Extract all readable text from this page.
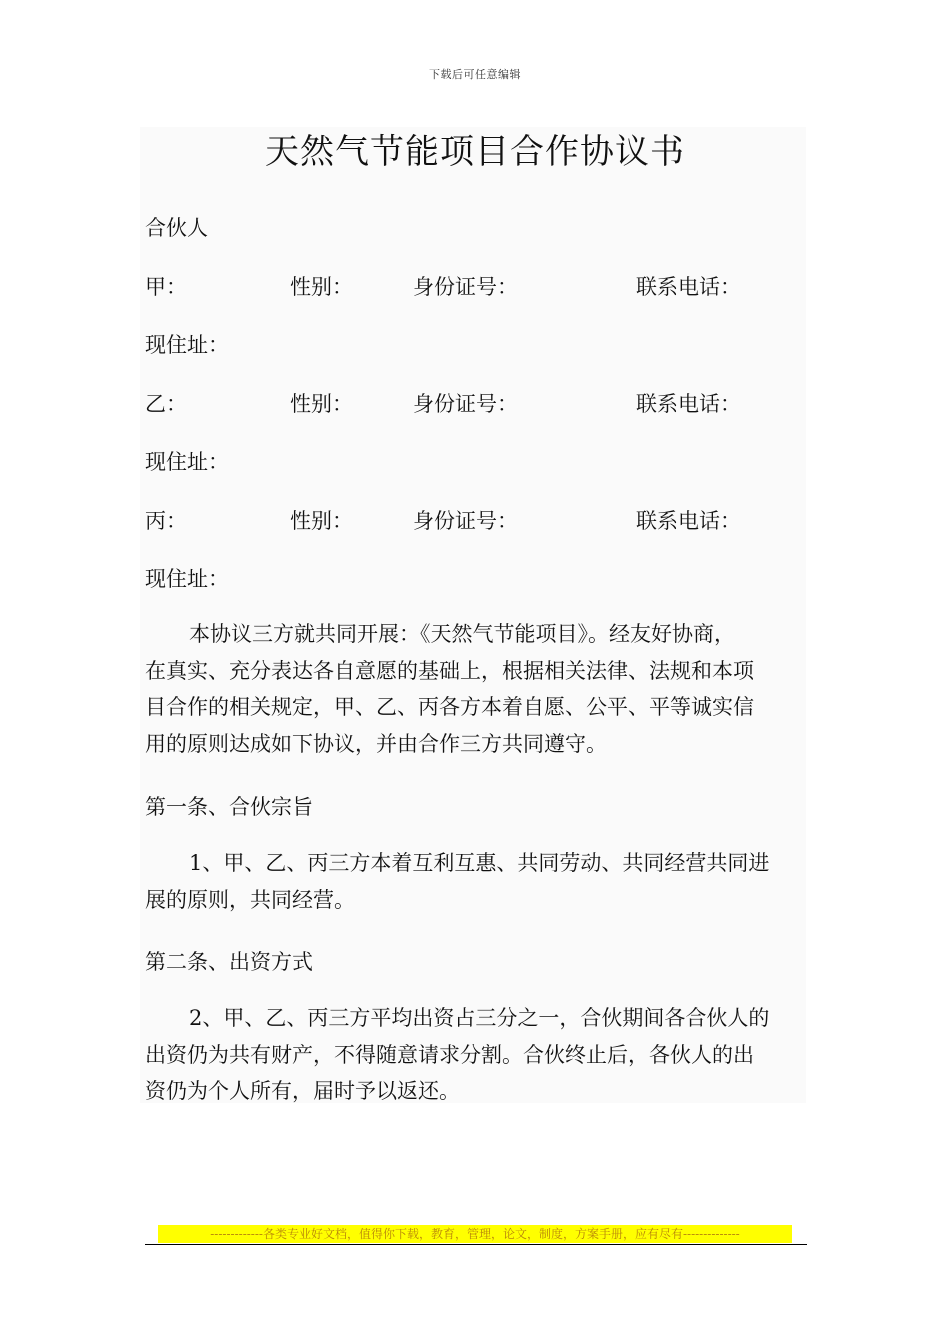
下载后可任意编辑
天然气节能项目合作协议书
合伙人
甲：	性别：	身份证号：	联系电话：
现住址：
乙：	性别：	身份证号：	联系电话：
现住址：
丙：	性别：	身份证号：	联系电话：
现住址：
本协议三方就共同开展：《天然气节能项目》。经友好协商，
在真实、充分表达各自意愿的基础上，根据相关法律、法规和本项
目合作的相关规定，甲、乙、丙各方本着自愿、公平、平等诚实信
用的原则达成如下协议，并由合作三方共同遵守。
第一条、合伙宗旨
1、甲、乙、丙三方本着互利互惠、共同劳动、共同经营共同进
展的原则，共同经营。
第二条、出资方式
2、甲、乙、丙三方平均出资占三分之一，合伙期间各合伙人的
出资仍为共有财产，不得随意请求分割。合伙终止后，各伙人的出
资仍为个人所有，届时予以返还。
-------------各类专业好文档，值得你下载，教育，管理，论文，制度，方案手册，应有尽有--------------
